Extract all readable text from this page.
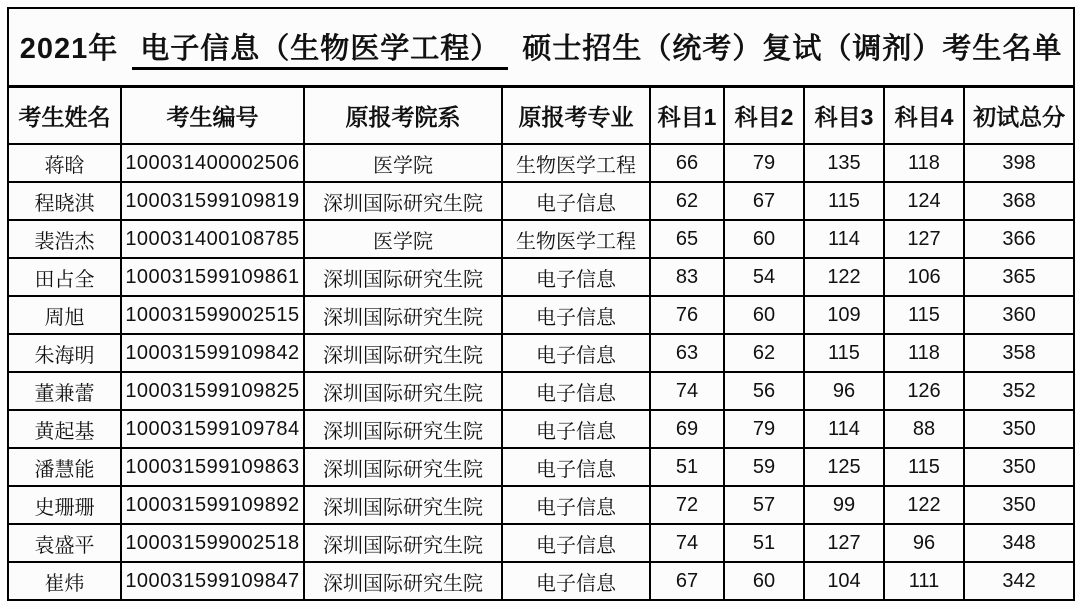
2021年 电子信息（生物医学工程） 硕士招生（统考）复试（调剂）考生名单								
考生姓名	考生编号	原报考院系	原报考专业	科目1	科目2	科目3	科目4	初试总分
蒋晗	100031400002506	医学院	生物医学工程	66	79	135	118	398
程晓淇	100031599109819	深圳国际研究生院	电子信息	62	67	115	124	368
裴浩杰	100031400108785	医学院	生物医学工程	65	60	114	127	366
田占全	100031599109861	深圳国际研究生院	电子信息	83	54	122	106	365
周旭	100031599002515	深圳国际研究生院	电子信息	76	60	109	115	360
朱海明	100031599109842	深圳国际研究生院	电子信息	63	62	115	118	358
董兼蕾	100031599109825	深圳国际研究生院	电子信息	74	56	96	126	352
黄起基	100031599109784	深圳国际研究生院	电子信息	69	79	114	88	350
潘慧能	100031599109863	深圳国际研究生院	电子信息	51	59	125	115	350
史珊珊	100031599109892	深圳国际研究生院	电子信息	72	57	99	122	350
袁盛平	100031599002518	深圳国际研究生院	电子信息	74	51	127	96	348
崔炜	100031599109847	深圳国际研究生院	电子信息	67	60	104	111	342
